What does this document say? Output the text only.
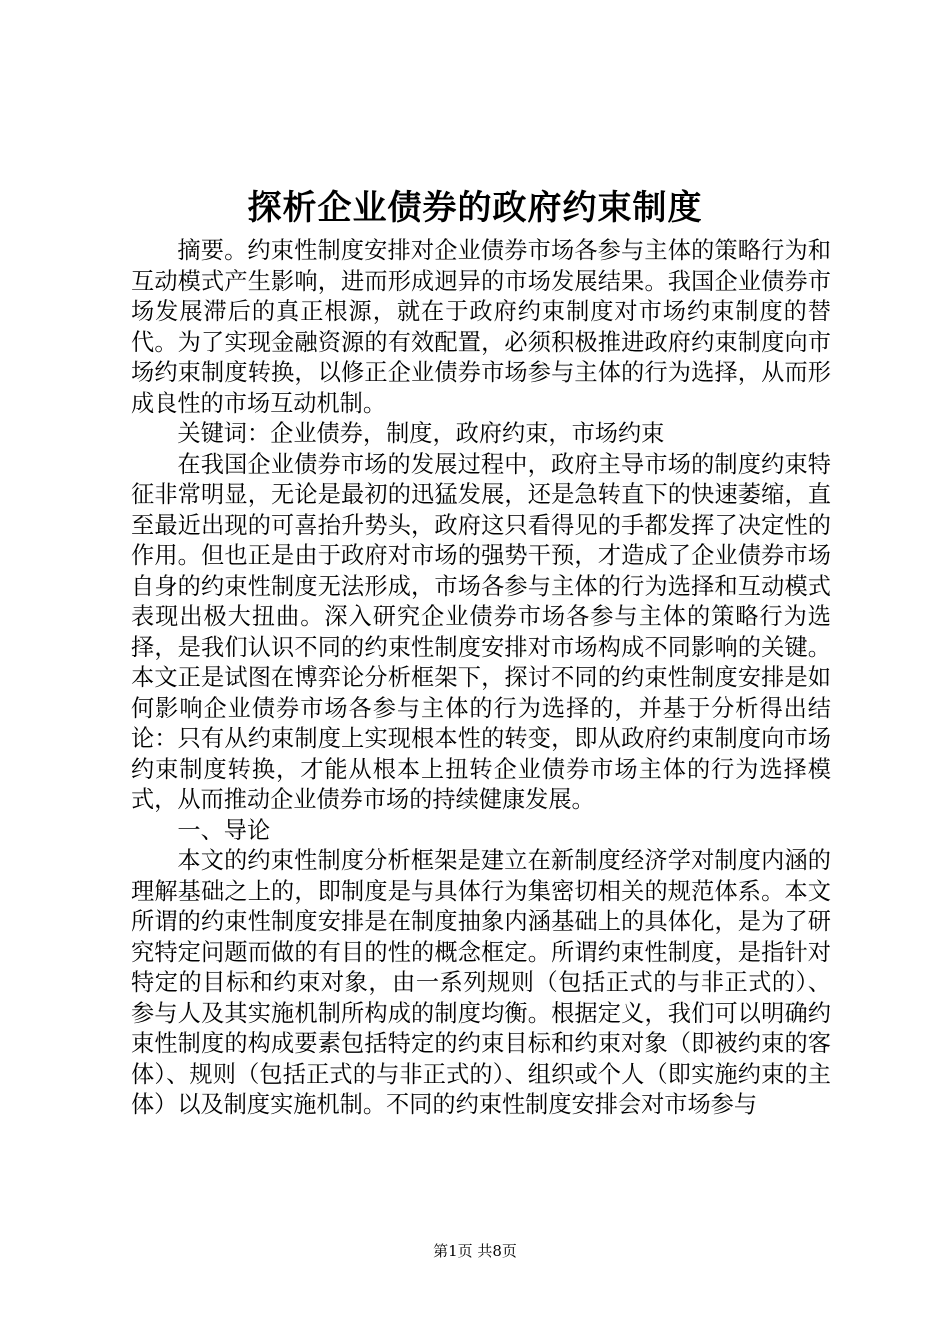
探析企业债券的政府约束制度

摘要。约束性制度安排对企业债券市场各参与主体的策略行为和互动模式产生影响，进而形成迥异的市场发展结果。我国企业债券市场发展滞后的真正根源，就在于政府约束制度对市场约束制度的替代。为了实现金融资源的有效配置，必须积极推进政府约束制度向市场约束制度转换，以修正企业债券市场参与主体的行为选择，从而形成良性的市场互动机制。

关键词：企业债券，制度，政府约束，市场约束

在我国企业债券市场的发展过程中，政府主导市场的制度约束特征非常明显，无论是最初的迅猛发展，还是急转直下的快速萎缩，直至最近出现的可喜抬升势头，政府这只看得见的手都发挥了决定性的作用。但也正是由于政府对市场的强势干预，才造成了企业债券市场自身的约束性制度无法形成，市场各参与主体的行为选择和互动模式表现出极大扭曲。深入研究企业债券市场各参与主体的策略行为选择，是我们认识不同的约束性制度安排对市场构成不同影响的关键。本文正是试图在博弈论分析框架下，探讨不同的约束性制度安排是如何影响企业债券市场各参与主体的行为选择的，并基于分析得出结论：只有从约束制度上实现根本性的转变，即从政府约束制度向市场约束制度转换，才能从根本上扭转企业债券市场主体的行为选择模式，从而推动企业债券市场的持续健康发展。

一、导论

本文的约束性制度分析框架是建立在新制度经济学对制度内涵的理解基础之上的，即制度是与具体行为集密切相关的规范体系。本文所谓的约束性制度安排是在制度抽象内涵基础上的具体化，是为了研究特定问题而做的有目的性的概念框定。所谓约束性制度，是指针对特定的目标和约束对象，由一系列规则（包括正式的与非正式的）、参与人及其实施机制所构成的制度均衡。根据定义，我们可以明确约束性制度的构成要素包括特定的约束目标和约束对象（即被约束的客体）、规则（包括正式的与非正式的）、组织或个人（即实施约束的主体）以及制度实施机制。不同的约束性制度安排会对市场参与

第1页 共8页
